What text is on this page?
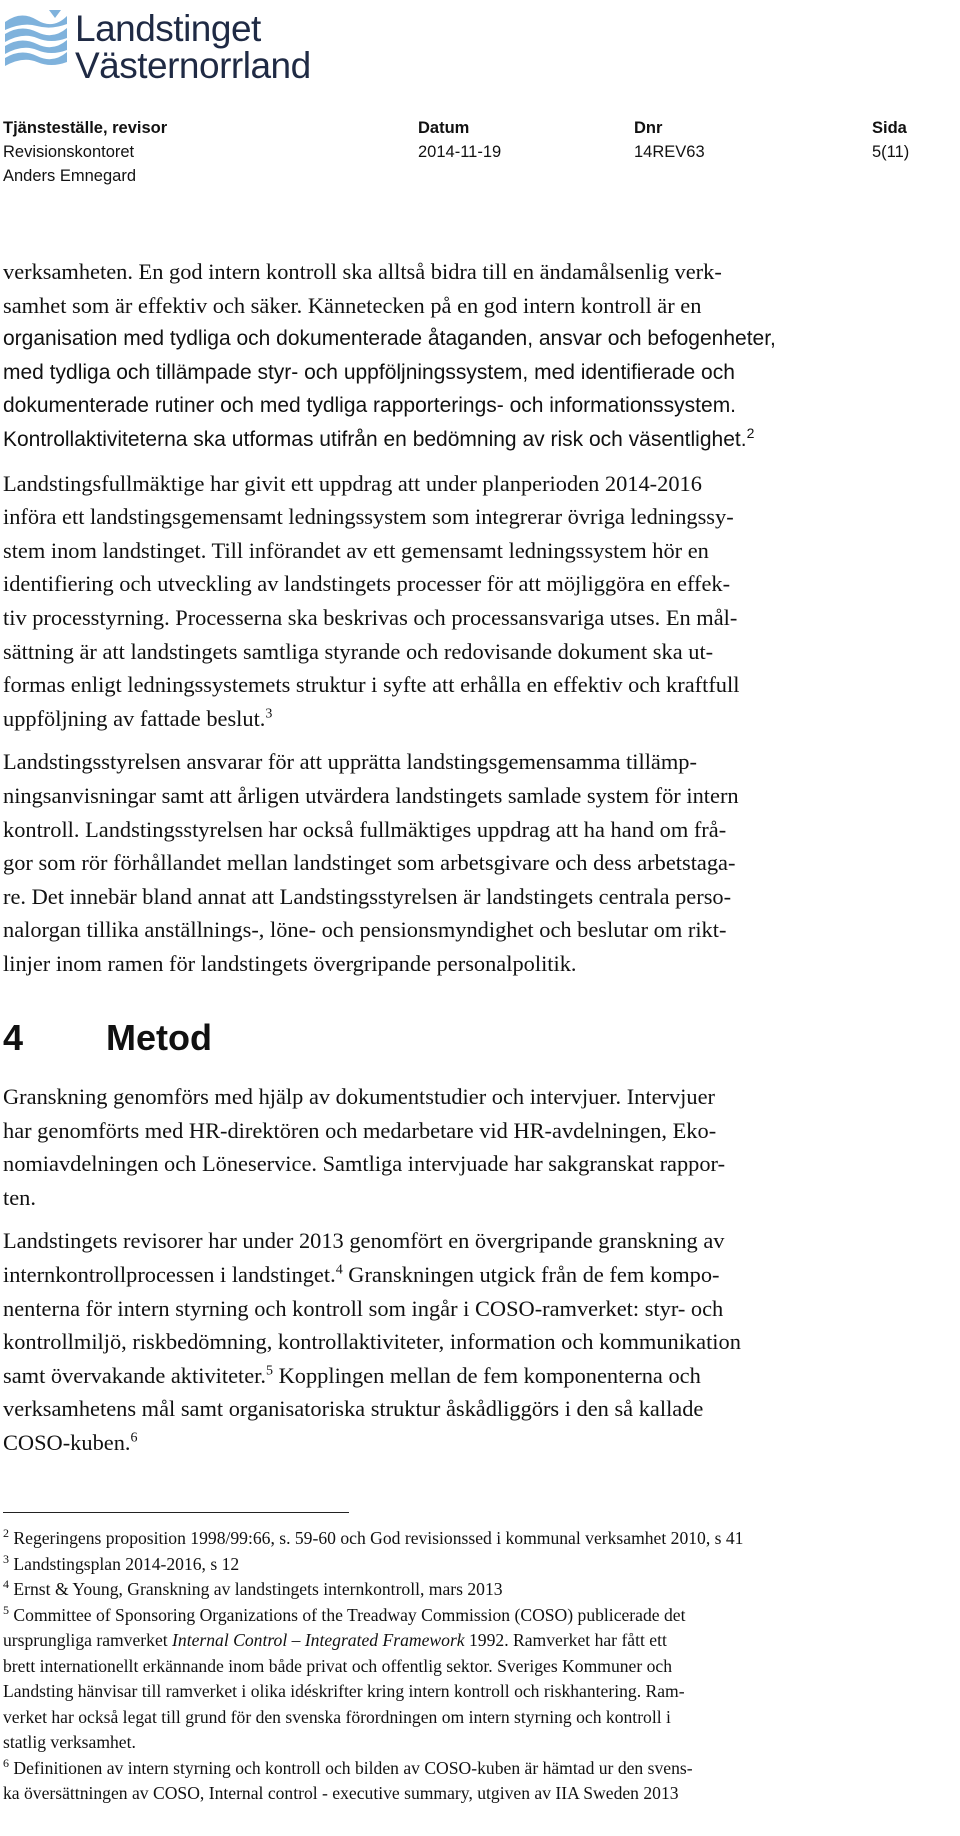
Landstinget
Västernorrland
Tjänsteställe, revisor
Revisionskontoret
Anders Emnegard
Datum
2014-11-19
Dnr
14REV63
Sida
5(11)
verksamheten. En god intern kontroll ska alltså bidra till en ändamålsenlig verk-
samhet som är effektiv och säker. Kännetecken på en god intern kontroll är en
organisation med tydliga och dokumenterade åtaganden, ansvar och befogenheter,
med tydliga och tillämpade styr- och uppföljningssystem, med identifierade och
dokumenterade rutiner och med tydliga rapporterings- och informationssystem.
Kontrollaktiviteterna ska utformas utifrån en bedömning av risk och väsentlighet.$^2$
Landstingsfullmäktige har givit ett uppdrag att under planperioden 2014-2016
införa ett landstingsgemensamt ledningssystem som integrerar övriga ledningssy-
stem inom landstinget. Till införandet av ett gemensamt ledningssystem hör en
identifiering och utveckling av landstingets processer för att möjliggöra en effek-
tiv processtyrning. Processerna ska beskrivas och processansvariga utses. En mål-
sättning är att landstingets samtliga styrande och redovisande dokument ska ut-
formas enligt ledningssystemets struktur i syfte att erhålla en effektiv och kraftfull
uppföljning av fattade beslut.$^3$
Landstingsstyrelsen ansvarar för att upprätta landstingsgemensamma tillämp-
ningsanvisningar samt att årligen utvärdera landstingets samlade system för intern
kontroll. Landstingsstyrelsen har också fullmäktiges uppdrag att ha hand om frå-
gor som rör förhållandet mellan landstinget som arbetsgivare och dess arbetstaga-
re. Det innebär bland annat att Landstingsstyrelsen är landstingets centrala perso-
nalorgan tillika anställnings-, löne- och pensionsmyndighet och beslutar om rikt-
linjer inom ramen för landstingets övergripande personalpolitik.
4 Metod
Granskning genomförs med hjälp av dokumentstudier och intervjuer. Intervjuer
har genomförts med HR-direktören och medarbetare vid HR-avdelningen, Eko-
nomiavdelningen och Löneservice. Samtliga intervjuade har sakgranskat rappor-
ten.
Landstingets revisorer har under 2013 genomfört en övergripande granskning av
internkontrollprocessen i landstinget.$^4$ Granskningen utgick från de fem kompo-
nenterna för intern styrning och kontroll som ingår i COSO-ramverket: styr- och
kontrollmiljö, riskbedömning, kontrollaktiviteter, information och kommunikation
samt övervakande aktiviteter.$^5$ Kopplingen mellan de fem komponenterna och
verksamhetens mål samt organisatoriska struktur åskådliggörs i den så kallade
COSO-kuben.$^6$
$^2$ Regeringens proposition 1998/99:66, s. 59-60 och God revisionssed i kommunal verksamhet 2010, s 41
$^3$ Landstingsplan 2014-2016, s 12
$^4$ Ernst & Young, Granskning av landstingets internkontroll, mars 2013
$^5$ Committee of Sponsoring Organizations of the Treadway Commission (COSO) publicerade det
ursprungliga ramverket Internal Control – Integrated Framework 1992. Ramverket har fått ett
brett internationellt erkännande inom både privat och offentlig sektor. Sveriges Kommuner och
Landsting hänvisar till ramverket i olika idéskrifter kring intern kontroll och riskhantering. Ram-
verket har också legat till grund för den svenska förordningen om intern styrning och kontroll i
statlig verksamhet.
$^6$ Definitionen av intern styrning och kontroll och bilden av COSO-kuben är hämtad ur den svens-
ka översättningen av COSO, Internal control - executive summary, utgiven av IIA Sweden 2013
